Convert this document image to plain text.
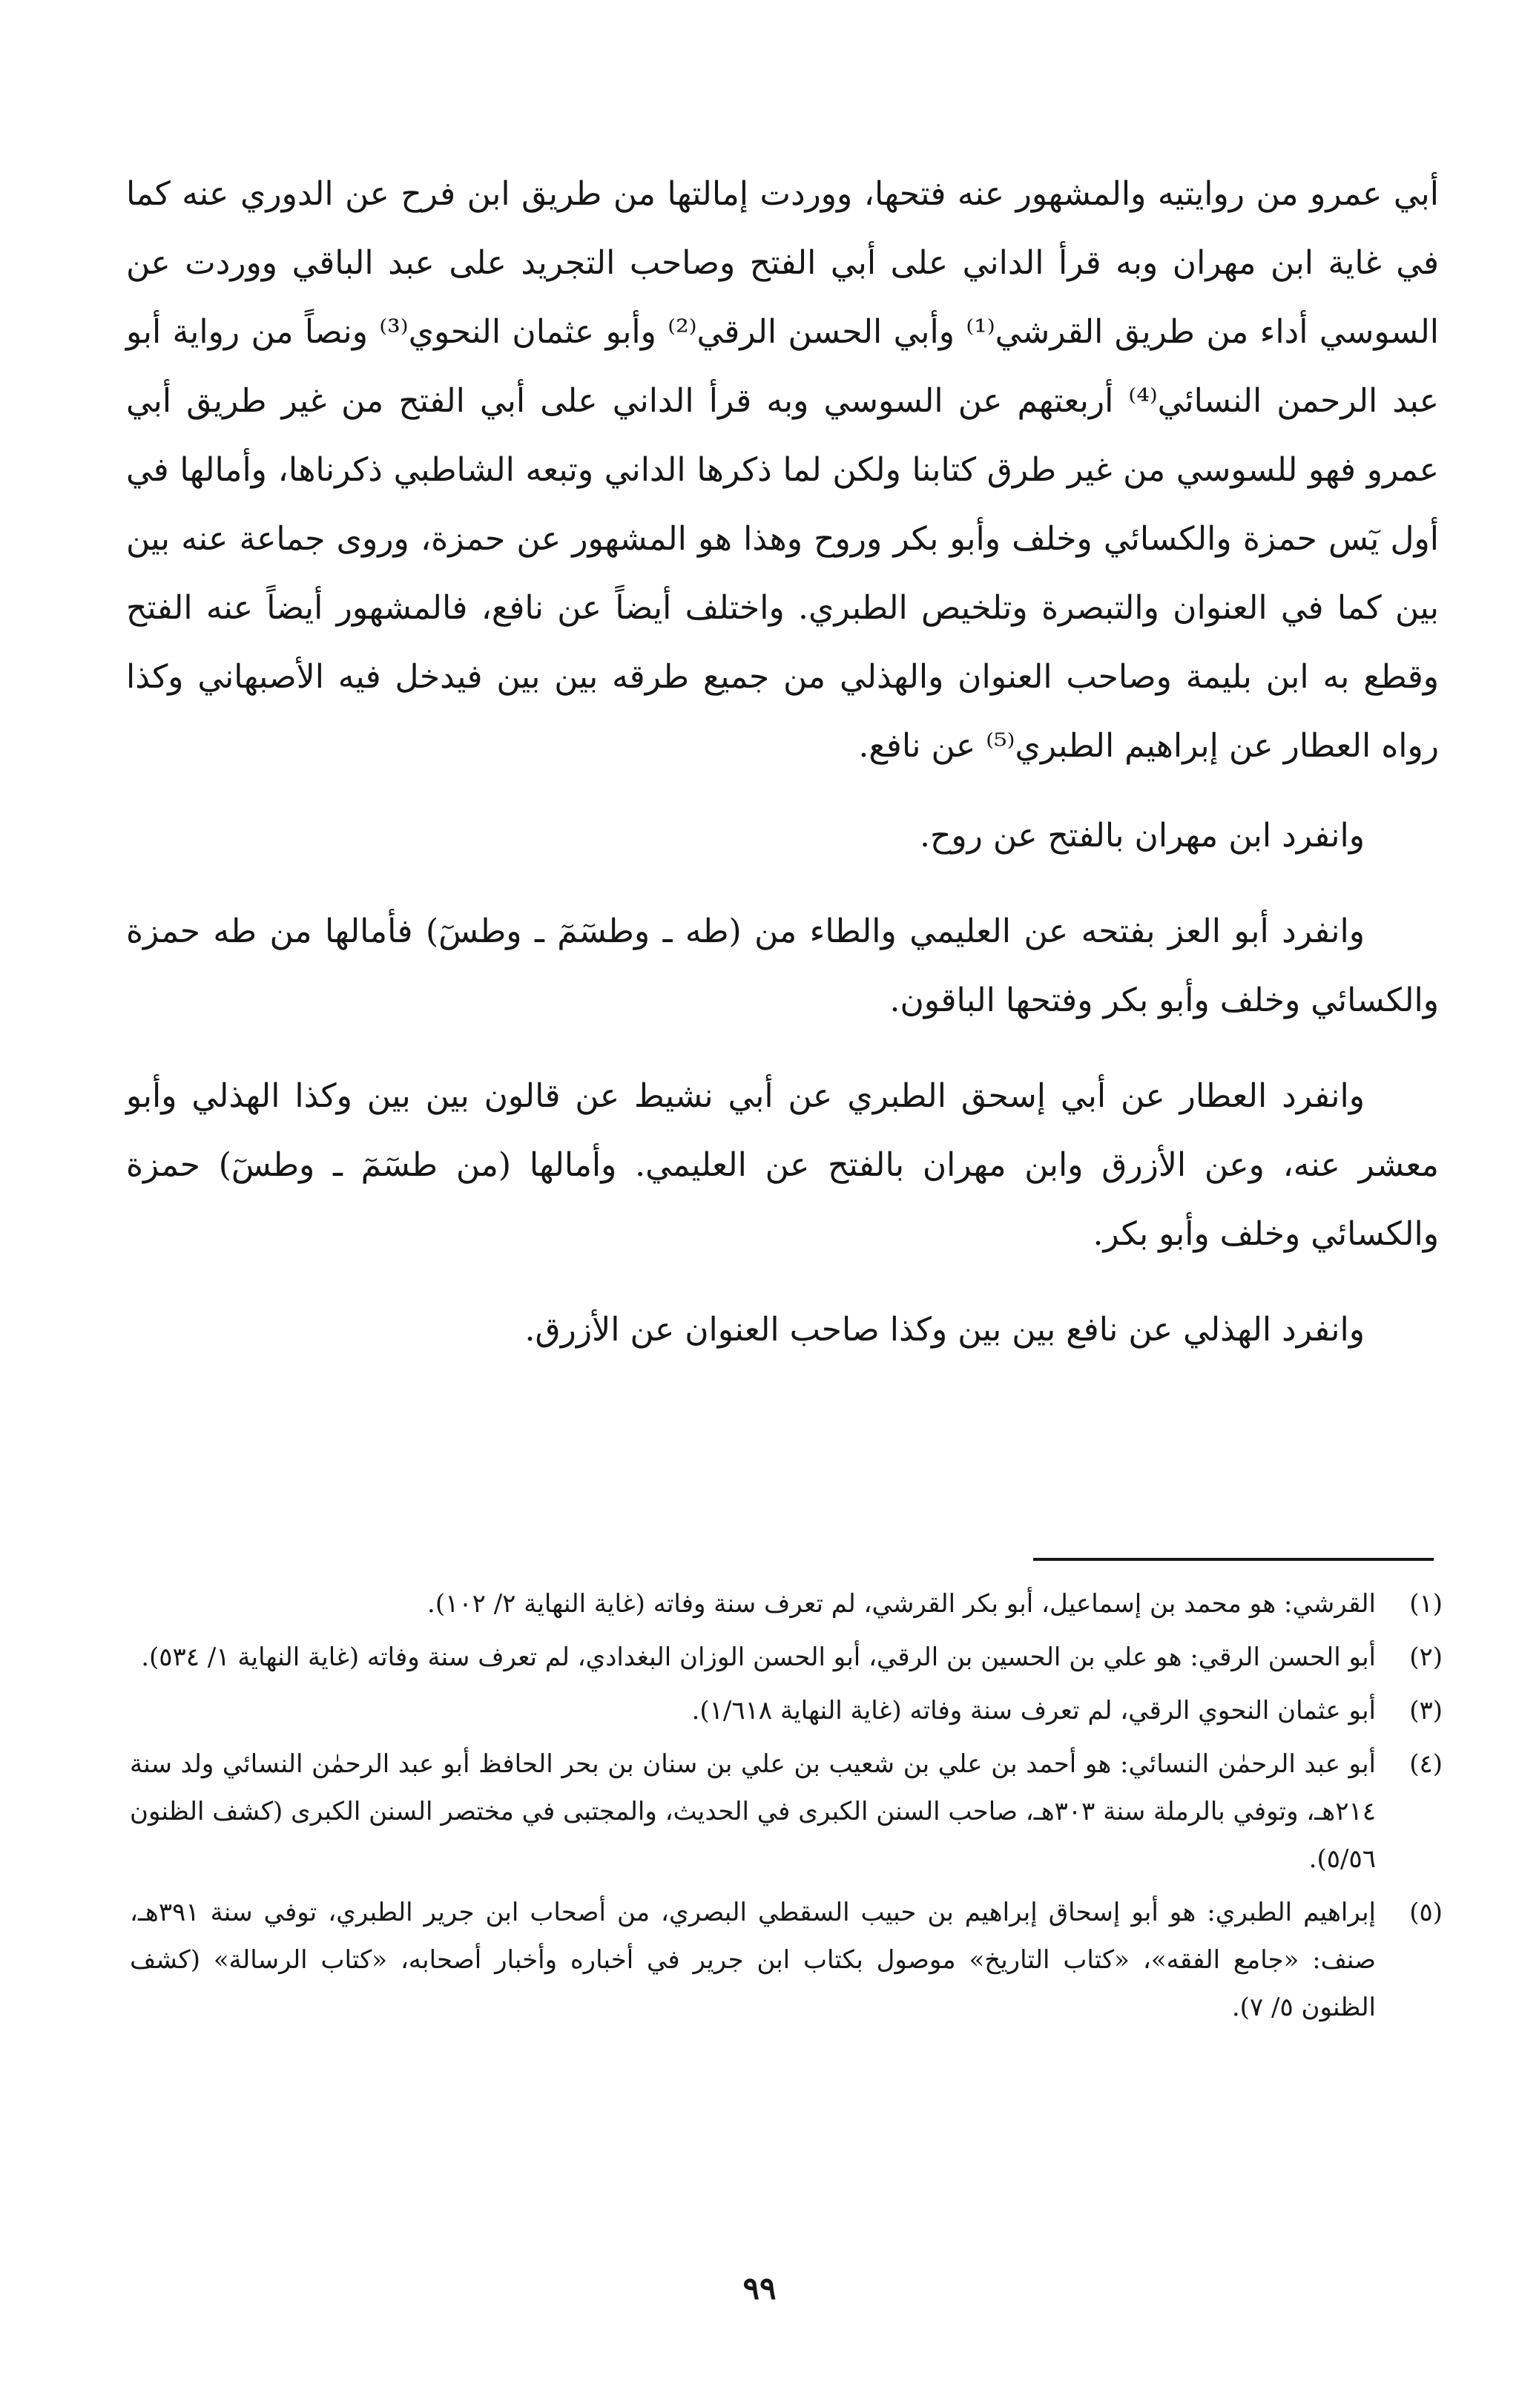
أبي عمرو من روايتيه والمشهور عنه فتحها، ووردت إمالتها من طريق ابن فرح عن الدوري عنه كما في غاية ابن مهران وبه قرأ الداني على أبي الفتح وصاحب التجريد على عبد الباقي ووردت عن السوسي أداء من طريق القرشي⁽¹⁾ وأبي الحسن الرقي⁽²⁾ وأبو عثمان النحوي⁽³⁾ ونصاً من رواية أبو عبد الرحمن النسائي⁽⁴⁾ أربعتهم عن السوسي وبه قرأ الداني على أبي الفتح من غير طريق أبي عمرو فهو للسوسي من غير طرق كتابنا ولكن لما ذكرها الداني وتبعه الشاطبي ذكرناها، وأمالها في أول يٓس حمزة والكسائي وخلف وأبو بكر وروح وهذا هو المشهور عن حمزة، وروى جماعة عنه بين بين كما في العنوان والتبصرة وتلخيص الطبري. واختلف أيضاً عن نافع، فالمشهور أيضاً عنه الفتح وقطع به ابن بليمة وصاحب العنوان والهذلي من جميع طرقه بين بين فيدخل فيه الأصبهاني وكذا رواه العطار عن إبراهيم الطبري⁽⁵⁾ عن نافع.

وانفرد ابن مهران بالفتح عن روح.

وانفرد أبو العز بفتحه عن العليمي والطاء من (طه ـ وطسٓمٓ ـ وطسٓ) فأمالها من طه حمزة والكسائي وخلف وأبو بكر وفتحها الباقون.

وانفرد العطار عن أبي إسحق الطبري عن أبي نشيط عن قالون بين بين وكذا الهذلي وأبو معشر عنه، وعن الأزرق وابن مهران بالفتح عن العليمي. وأمالها (من طسٓمٓ ـ وطسٓ) حمزة والكسائي وخلف وأبو بكر.

وانفرد الهذلي عن نافع بين بين وكذا صاحب العنوان عن الأزرق.

(١)
القرشي: هو محمد بن إسماعيل، أبو بكر القرشي، لم تعرف سنة وفاته (غاية النهاية ٢/ ١٠٢).
(٢)
أبو الحسن الرقي: هو علي بن الحسين بن الرقي، أبو الحسن الوزان البغدادي، لم تعرف سنة وفاته (غاية النهاية ١/ ٥٣٤).
(٣)
أبو عثمان النحوي الرقي، لم تعرف سنة وفاته (غاية النهاية ١/٦١٨).
(٤)
أبو عبد الرحمٰن النسائي: هو أحمد بن علي بن شعيب بن علي بن سنان بن بحر الحافظ أبو عبد الرحمٰن النسائي ولد سنة ٢١٤هـ، وتوفي بالرملة سنة ٣٠٣هـ، صاحب السنن الكبرى في الحديث، والمجتبى في مختصر السنن الكبرى (كشف الظنون ٥/٥٦).
(٥)
إبراهيم الطبري: هو أبو إسحاق إبراهيم بن حبيب السقطي البصري، من أصحاب ابن جرير الطبري، توفي سنة ٣٩١هـ، صنف: «جامع الفقه»، «كتاب التاريخ» موصول بكتاب ابن جرير في أخباره وأخبار أصحابه، «كتاب الرسالة» (كشف الظنون ٥/ ٧).
٩٩
